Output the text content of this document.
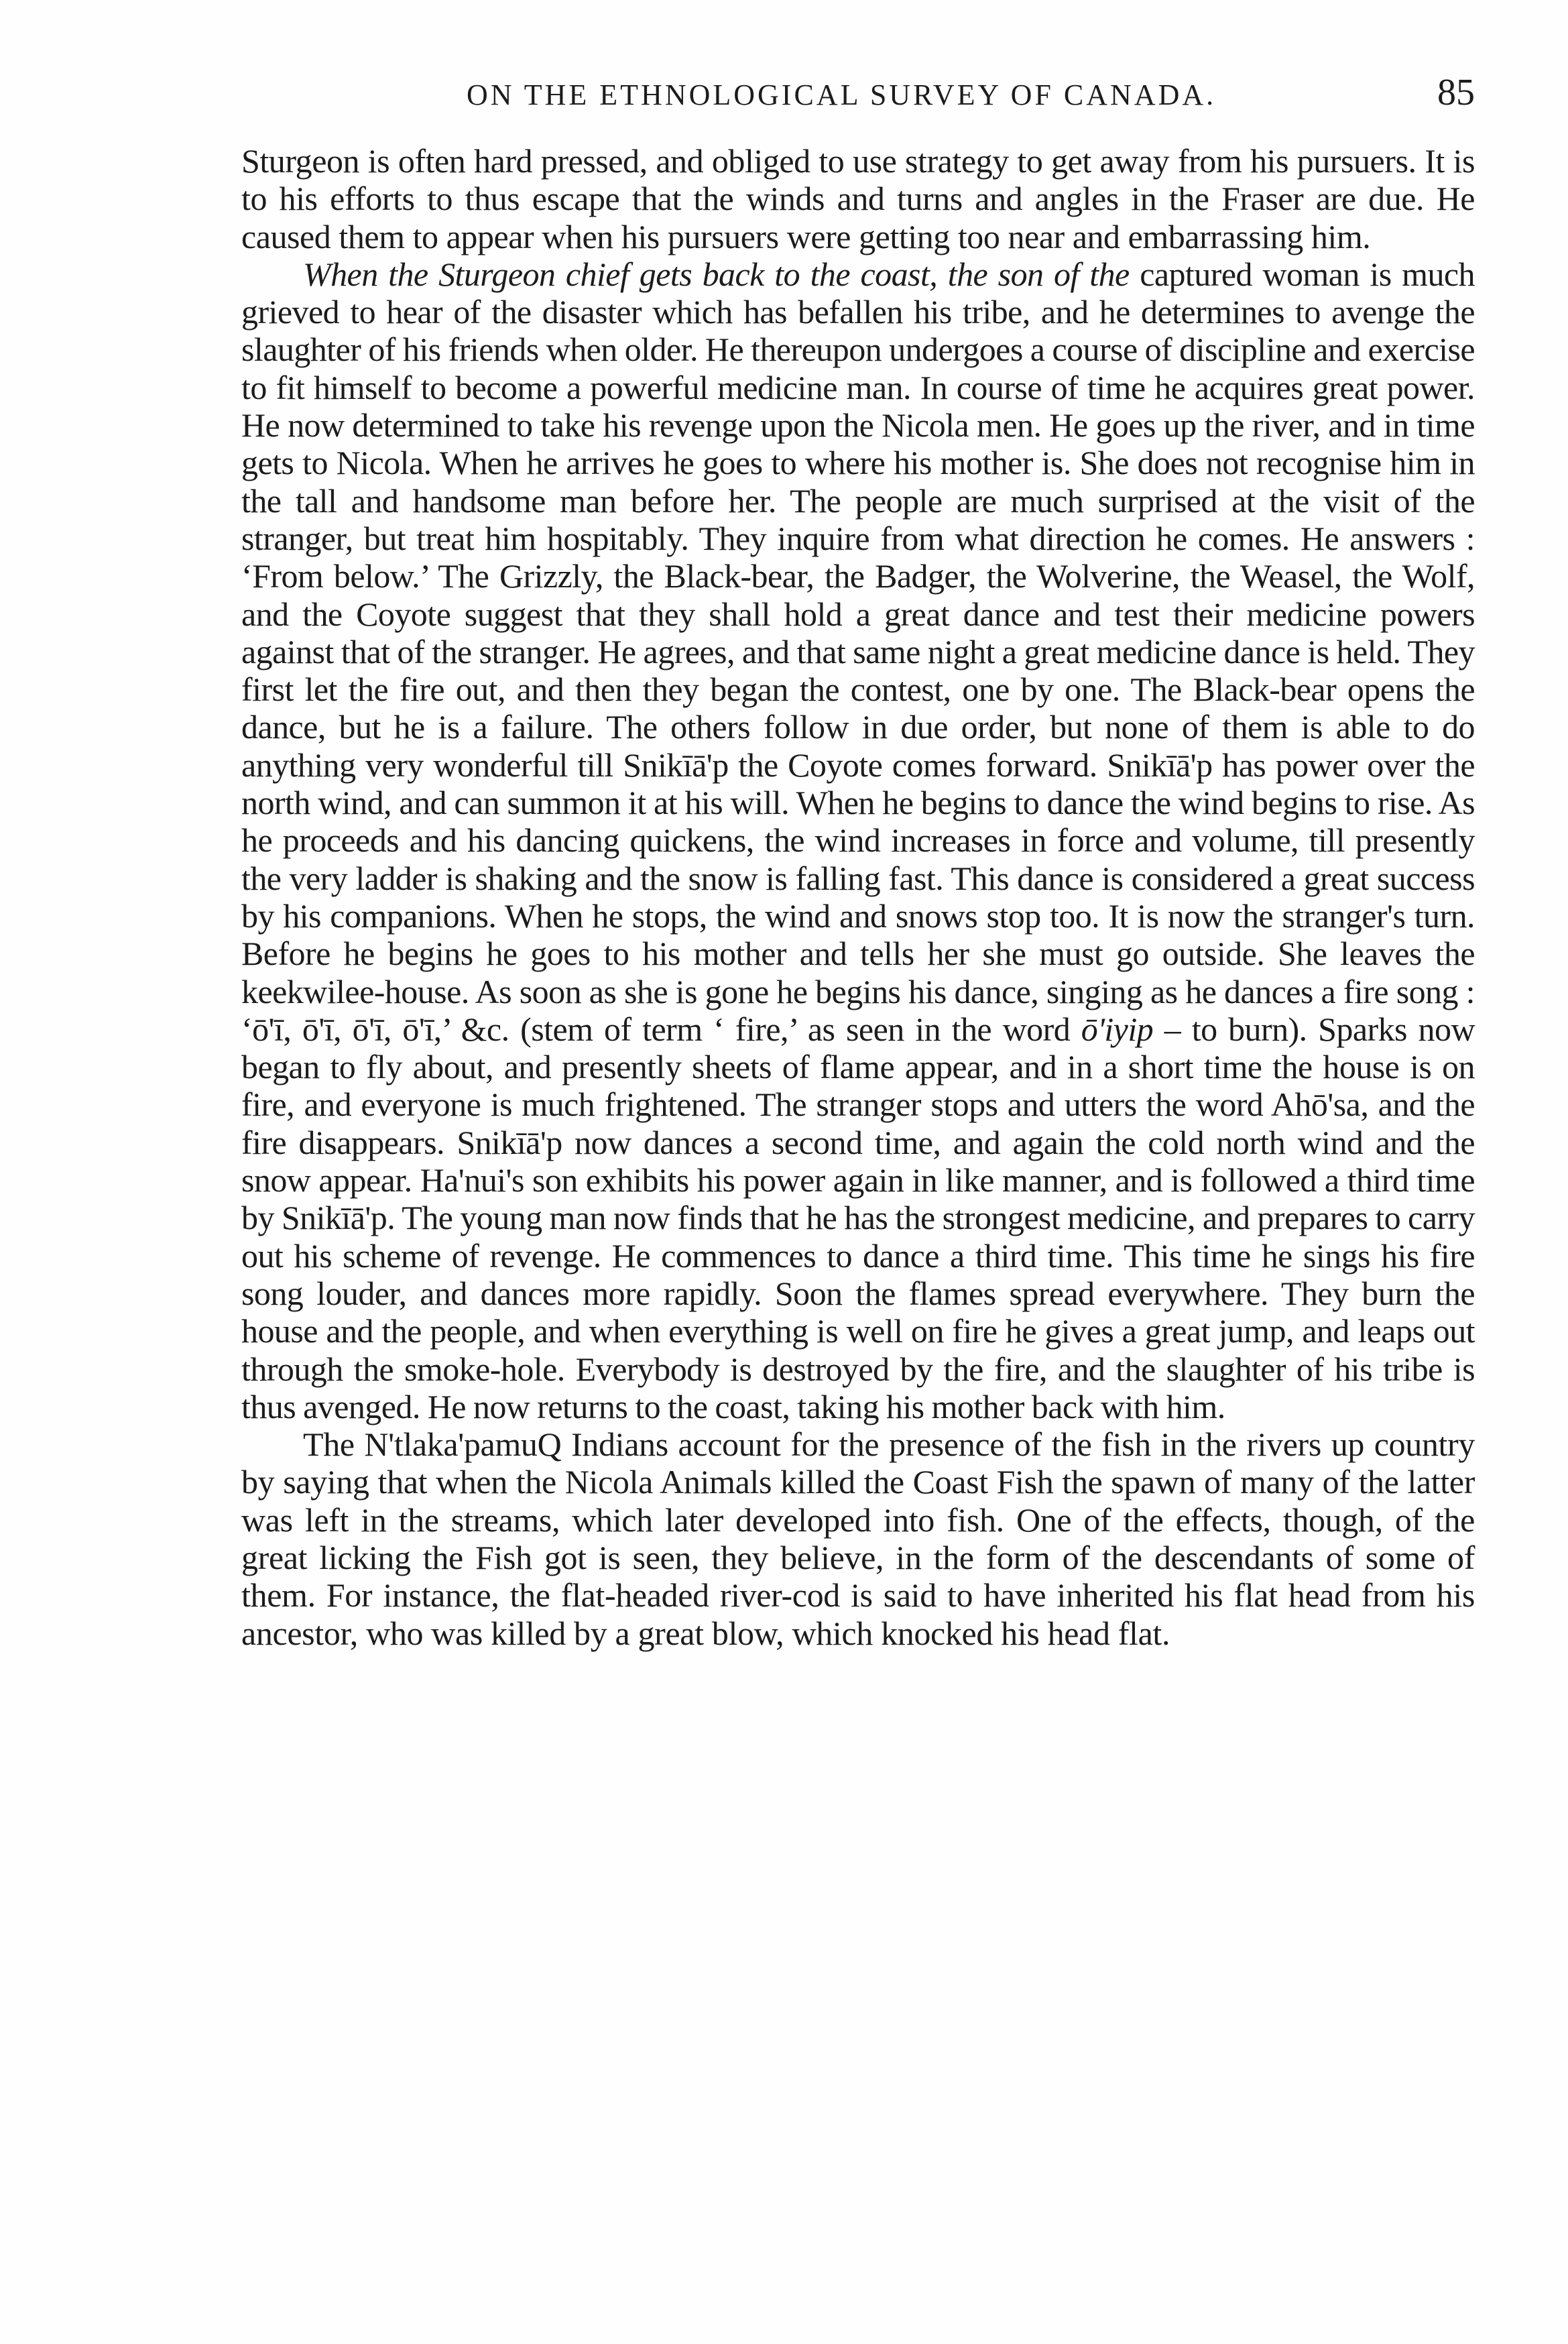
ON THE ETHNOLOGICAL SURVEY OF CANADA.	85

Sturgeon is often hard pressed, and obliged to use strategy to get away from his pursuers. It is to his efforts to thus escape that the winds and turns and angles in the Fraser are due. He caused them to appear when his pursuers were getting too near and embarrassing him.

When the Sturgeon chief gets back to the coast, the son of the captured woman is much grieved to hear of the disaster which has befallen his tribe, and he determines to avenge the slaughter of his friends when older. He thereupon undergoes a course of discipline and exercise to fit himself to become a powerful medicine man. In course of time he acquires great power. He now determined to take his revenge upon the Nicola men. He goes up the river, and in time gets to Nicola. When he arrives he goes to where his mother is. She does not recognise him in the tall and handsome man before her. The people are much surprised at the visit of the stranger, but treat him hospitably. They inquire from what direction he comes. He answers : ‘From below.’ The Grizzly, the Black-bear, the Badger, the Wolverine, the Weasel, the Wolf, and the Coyote suggest that they shall hold a great dance and test their medicine powers against that of the stranger. He agrees, and that same night a great medicine dance is held. They first let the fire out, and then they began the contest, one by one. The Black-bear opens the dance, but he is a failure. The others follow in due order, but none of them is able to do anything very wonderful till Snikīā'p the Coyote comes forward. Snikīā'p has power over the north wind, and can summon it at his will. When he begins to dance the wind begins to rise. As he proceeds and his dancing quickens, the wind increases in force and volume, till presently the very ladder is shaking and the snow is falling fast. This dance is considered a great success by his companions. When he stops, the wind and snows stop too. It is now the stranger's turn. Before he begins he goes to his mother and tells her she must go outside. She leaves the keekwilee-house. As soon as she is gone he begins his dance, singing as he dances a fire song : ‘ō'ī, ō'ī, ō'ī, ō'ī,’ &c. (stem of term ‘ fire,’ as seen in the word ō'iyip – to burn). Sparks now began to fly about, and presently sheets of flame appear, and in a short time the house is on fire, and everyone is much frightened. The stranger stops and utters the word Ahō'sa, and the fire disappears. Snikīā'p now dances a second time, and again the cold north wind and the snow appear. Ha'nui's son exhibits his power again in like manner, and is followed a third time by Snikīā'p. The young man now finds that he has the strongest medicine, and prepares to carry out his scheme of revenge. He commences to dance a third time. This time he sings his fire song louder, and dances more rapidly. Soon the flames spread everywhere. They burn the house and the people, and when everything is well on fire he gives a great jump, and leaps out through the smoke-hole. Everybody is destroyed by the fire, and the slaughter of his tribe is thus avenged. He now returns to the coast, taking his mother back with him.

The N'tlaka'pamuQ Indians account for the presence of the fish in the rivers up country by saying that when the Nicola Animals killed the Coast Fish the spawn of many of the latter was left in the streams, which later developed into fish. One of the effects, though, of the great licking the Fish got is seen, they believe, in the form of the descendants of some of them. For instance, the flat-headed river-cod is said to have inherited his flat head from his ancestor, who was killed by a great blow, which knocked his head flat.
